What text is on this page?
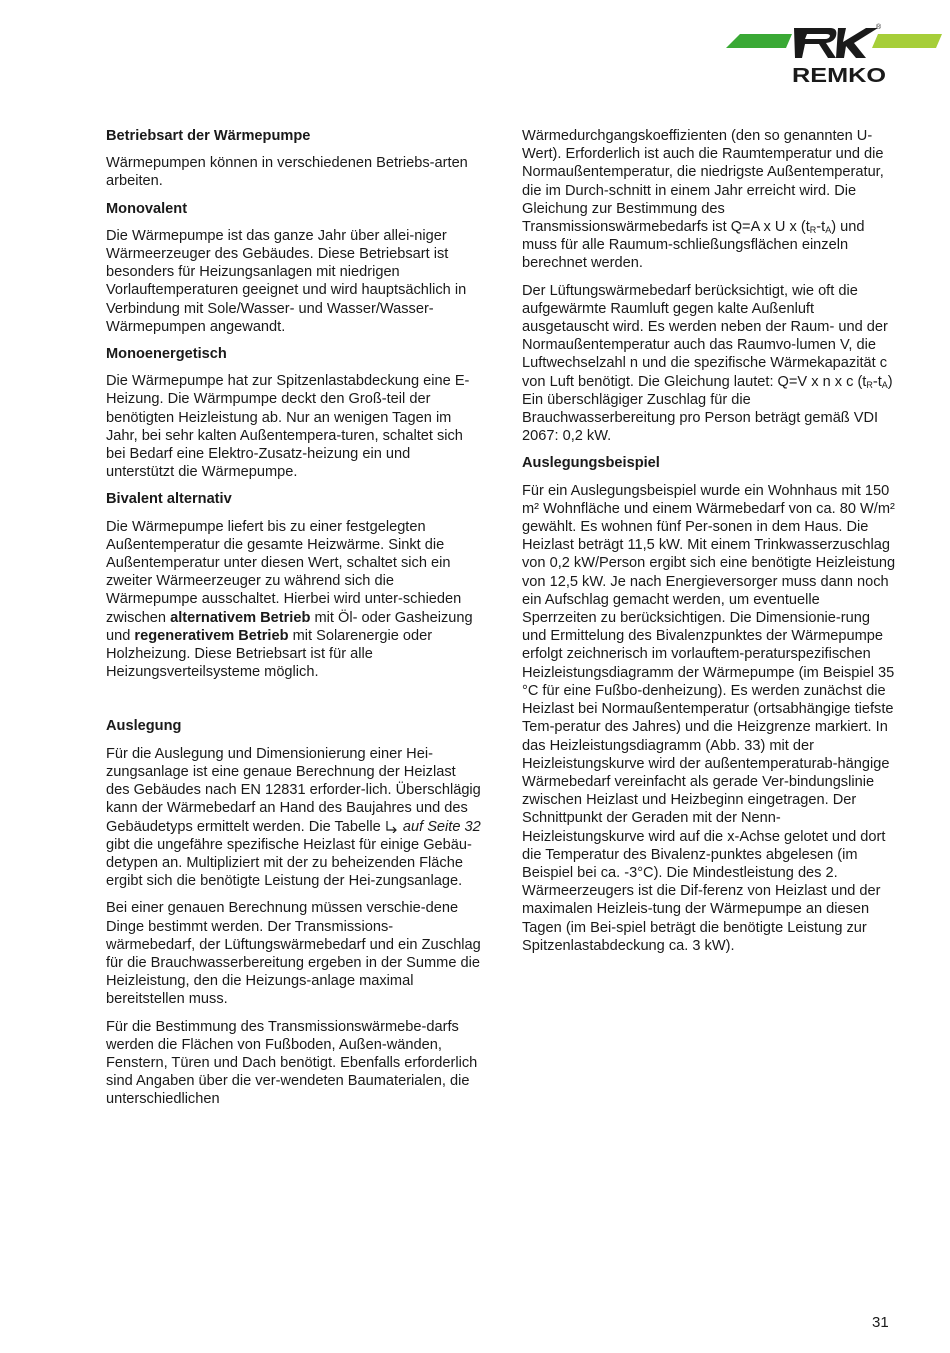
®
REMKO
Betriebsart der Wärmepumpe

Wärmepumpen können in verschiedenen Betriebs-arten arbeiten.

Monovalent

Die Wärmepumpe ist das ganze Jahr über allei-niger Wärmeerzeuger des Gebäudes. Diese Betriebsart ist besonders für Heizungsanlagen mit niedrigen Vorlauftemperaturen geeignet und wird hauptsächlich in Verbindung mit Sole/Wasser- und Wasser/Wasser-Wärmepumpen angewandt.

Monoenergetisch

Die Wärmepumpe hat zur Spitzenlastabdeckung eine E-Heizung. Die Wärmpumpe deckt den Groß-teil der benötigten Heizleistung ab. Nur an wenigen Tagen im Jahr, bei sehr kalten Außentempera-turen, schaltet sich bei Bedarf eine Elektro-Zusatz-heizung ein und unterstützt die Wärmepumpe.

Bivalent alternativ

Die Wärmepumpe liefert bis zu einer festgelegten Außentemperatur die gesamte Heizwärme. Sinkt die Außentemperatur unter diesen Wert, schaltet sich ein zweiter Wärmeerzeuger zu während sich die Wärmepumpe ausschaltet. Hierbei wird unter-schieden zwischen alternativem Betrieb mit Öl- oder Gasheizung und regenerativem Betrieb mit Solarenergie oder Holzheizung. Diese Betriebsart ist für alle Heizungsverteilsysteme möglich.

Auslegung

Für die Auslegung und Dimensionierung einer Hei-zungsanlage ist eine genaue Berechnung der Heizlast des Gebäudes nach EN 12831 erforder-lich. Überschlägig kann der Wärmebedarf an Hand des Baujahres und des Gebäudetyps ermittelt werden. Die Tabelle  auf Seite 32 gibt die ungefähre spezifische Heizlast für einige Gebäu-detypen an. Multipliziert mit der zu beheizenden Fläche ergibt sich die benötigte Leistung der Hei-zungsanlage.

Bei einer genauen Berechnung müssen verschie-dene Dinge bestimmt werden. Der Transmissions-wärmebedarf, der Lüftungswärmebedarf und ein Zuschlag für die Brauchwasserbereitung ergeben in der Summe die Heizleistung, den die Heizungs-anlage maximal bereitstellen muss.

Für die Bestimmung des Transmissionswärmebe-darfs werden die Flächen von Fußboden, Außen-wänden, Fenstern, Türen und Dach benötigt. Ebenfalls erforderlich sind Angaben über die ver-wendeten Baumaterialen, die unterschiedlichen

Wärmedurchgangskoeffizienten (den so genannten U-Wert). Erforderlich ist auch die Raumtemperatur und die Normaußentemperatur, die niedrigste Außentemperatur, die im Durch-schnitt in einem Jahr erreicht wird. Die Gleichung zur Bestimmung des Transmissionswärmebedarfs ist Q=A x U x $(t_R-t_A)$ und muss für alle Raumum-schließungsflächen einzeln berechnet werden.

Der Lüftungswärmebedarf berücksichtigt, wie oft die aufgewärmte Raumluft gegen kalte Außenluft ausgetauscht wird. Es werden neben der Raum- und der Normaußentemperatur auch das Raumvo-lumen V, die Luftwechselzahl n und die spezifische Wärmekapazität c von Luft benötigt. Die Gleichung lautet: Q=V x n x c $(t_R-t_A)$ Ein überschlägiger Zuschlag für die Brauchwasserbereitung pro Person beträgt gemäß VDI 2067: 0,2 kW.

Auslegungsbeispiel

Für ein Auslegungsbeispiel wurde ein Wohnhaus mit 150 m² Wohnfläche und einem Wärmebedarf von ca. 80 W/m² gewählt. Es wohnen fünf Per-sonen in dem Haus. Die Heizlast beträgt 11,5 kW. Mit einem Trinkwasserzuschlag von 0,2 kW/Person ergibt sich eine benötigte Heizleistung von 12,5 kW. Je nach Energieversorger muss dann noch ein Aufschlag gemacht werden, um eventuelle Sperrzeiten zu berücksichtigen. Die Dimensionie-rung und Ermittelung des Bivalenzpunktes der Wärmepumpe erfolgt zeichnerisch im vorlauftem-peraturspezifischen Heizleistungsdiagramm der Wärmepumpe (im Beispiel 35 °C für eine Fußbo-denheizung). Es werden zunächst die Heizlast bei Normaußentemperatur (ortsabhängige tiefste Tem-peratur des Jahres) und die Heizgrenze markiert. In das Heizleistungsdiagramm (Abb. 33) mit der Heizleistungskurve wird der außentemperaturab-hängige Wärmebedarf vereinfacht als gerade Ver-bindungslinie zwischen Heizlast und Heizbeginn eingetragen. Der Schnittpunkt der Geraden mit der Nenn-Heizleistungskurve wird auf die x-Achse gelotet und dort die Temperatur des Bivalenz-punktes abgelesen (im Beispiel bei ca. -3°C). Die Mindestleistung des 2. Wärmeerzeugers ist die Dif-ferenz von Heizlast und der maximalen Heizleis-tung der Wärmepumpe an diesen Tagen (im Bei-spiel beträgt die benötigte Leistung zur Spitzenlastabdeckung ca. 3 kW).

31
